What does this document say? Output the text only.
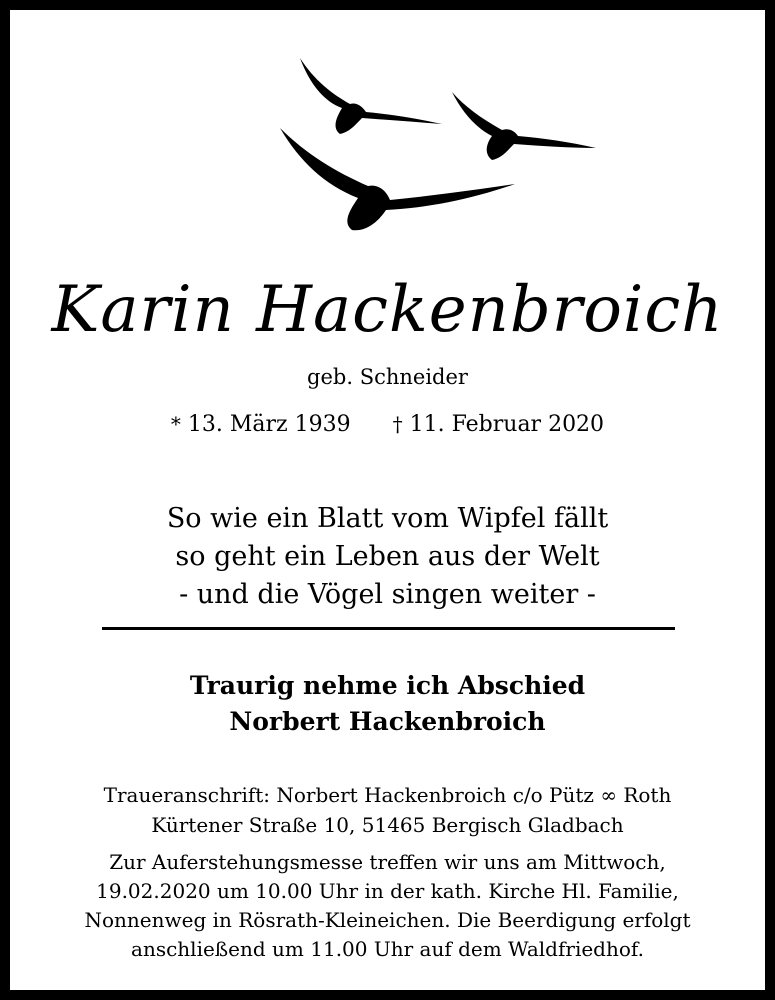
Karin Hackenbroich
geb. Schneider
* 13. März 1939 † 11. Februar 2020
So wie ein Blatt vom Wipfel fällt
so geht ein Leben aus der Welt
- und die Vögel singen weiter -
Traurig nehme ich Abschied
Norbert Hackenbroich
Traueranschrift: Norbert Hackenbroich c/o Pütz ∞ Roth
Kürtener Straße 10, 51465 Bergisch Gladbach
Zur Auferstehungsmesse treffen wir uns am Mittwoch,
19.02.2020 um 10.00 Uhr in der kath. Kirche Hl. Familie,
Nonnenweg in Rösrath-Kleineichen. Die Beerdigung erfolgt
anschließend um 11.00 Uhr auf dem Waldfriedhof.
